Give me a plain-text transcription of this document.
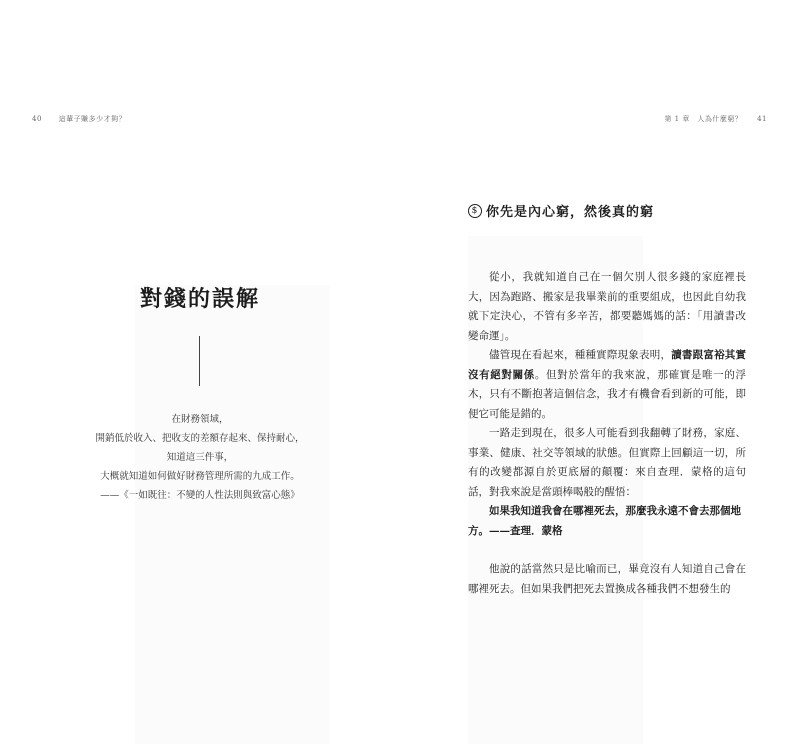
40 這輩子賺多少才夠？
對錢的誤解
在財務領域，
開銷低於收入、把收支的差額存起來、保持耐心，
知道這三件事，
大概就知道如何做好財務管理所需的九成工作。
——《一如既往：不變的人性法則與致富心態》
第 1 章　人為什麼窮？ 41
$ 你先是內心窮，然後真的窮

從小，我就知道自己在一個欠別人很多錢的家庭裡長大，因為跑路、搬家是我畢業前的重要組成，也因此自幼我就下定決心，不管有多辛苦，都要聽媽媽的話：「用讀書改變命運」。

儘管現在看起來，種種實際現象表明，讀書跟富裕其實沒有絕對關係。但對於當年的我來說，那確實是唯一的浮木，只有不斷抱著這個信念，我才有機會看到新的可能，即便它可能是錯的。

一路走到現在，很多人可能看到我翻轉了財務，家庭、事業、健康、社交等領域的狀態。但實際上回顧這一切，所有的改變都源自於更底層的顛覆：來自查理．蒙格的這句話，對我來說是當頭棒喝般的醒悟：

如果我知道我會在哪裡死去，那麼我永遠不會去那個地方。——查理．蒙格

他說的話當然只是比喻而已，畢竟沒有人知道自己會在哪裡死去。但如果我們把死去置換成各種我們不想發生的
